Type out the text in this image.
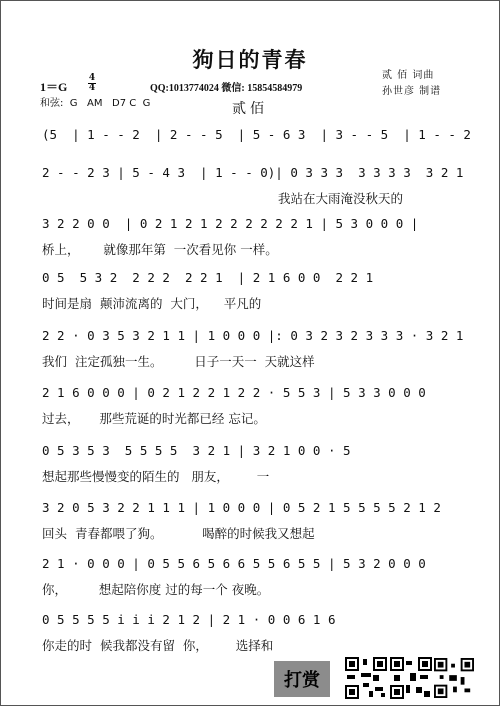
狗日的青春
贰 佰 词曲
孙世彦 制谱
1＝G
4
4
和弦: G   AM   D7 C  G
QQ:1013774024 微信: 15854584979
贰佰
(5  | 1 - - 2  | 2 - - 5  | 5 - 6 3  | 3 - - 5  | 1 - - 2
2 - - 2 3 | 5 - 4 3  | 1 - - 0)| 0 3 3 3  3 3 3 3  3 2 1
我站在大雨淹没秋天的
3 2 2 0 0  | 0 2 1 2 1 2 2 2 2 2 2 1 | 5 3 0 0 0 |
桥上，      就像那年第  一次看见你 一样。
0 5  5 3 2  2 2 2  2 2 1  | 2 1 6 0 0  2 2 1
时间是扇  颠沛流离的  大门，    平凡的
2 2 · 0 3 5 3 2 1 1 | 1 0 0 0 |: 0 3 2 3 2 3 3 3 · 3 2 1
我们  注定孤独一生。        日子一天一  天就这样
2 1 6 0 0 0 | 0 2 1 2 2 1 2 2 · 5 5 3 | 5 3 3 0 0 0
过去，     那些荒诞的时光都已经 忘记。
0 5 3 5 3  5 5 5 5  3 2 1 | 3 2 1 0 0 · 5
想起那些慢慢变的陌生的   朋友，       一
3 2 0 5 3 2 2 1 1 1 | 1 0 0 0 | 0 5 2 1 5 5 5 5 2 1 2
回头  青春都喂了狗。          喝醉的时候我又想起
2 1 · 0 0 0 | 0 5 5 6 5 6 6 5 5 6 5 5 | 5 3 2 0 0 0
你，        想起陪你度 过的每一个 夜晚。
0 5 5 5 5 i i i 2 1 2 | 2 1 · 0 0 6 1 6
你走的时  候我都没有留  你，       选择和
打赏
